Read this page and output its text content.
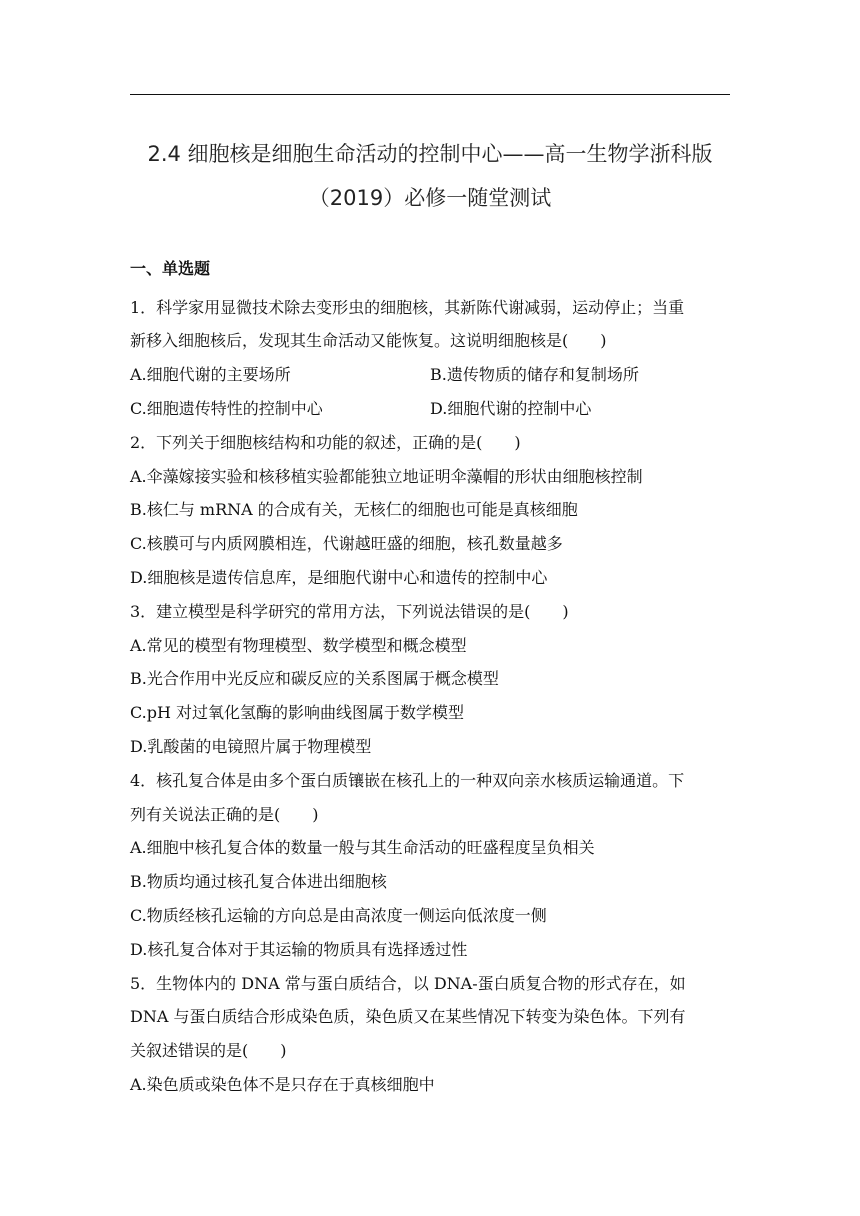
2.4 细胞核是细胞生命活动的控制中心——高一生物学浙科版
（2019）必修一随堂测试
一、单选题
1．科学家用显微技术除去变形虫的细胞核，其新陈代谢减弱，运动停止；当重
新移入细胞核后，发现其生命活动又能恢复。这说明细胞核是(　　)
A.细胞代谢的主要场所	B.遗传物质的储存和复制场所
C.细胞遗传特性的控制中心	D.细胞代谢的控制中心
2．下列关于细胞核结构和功能的叙述，正确的是(　　)
A.伞藻嫁接实验和核移植实验都能独立地证明伞藻帽的形状由细胞核控制
B.核仁与 mRNA 的合成有关，无核仁的细胞也可能是真核细胞
C.核膜可与内质网膜相连，代谢越旺盛的细胞，核孔数量越多
D.细胞核是遗传信息库，是细胞代谢中心和遗传的控制中心
3．建立模型是科学研究的常用方法，下列说法错误的是(　　)
A.常见的模型有物理模型、数学模型和概念模型
B.光合作用中光反应和碳反应的关系图属于概念模型
C.pH 对过氧化氢酶的影响曲线图属于数学模型
D.乳酸菌的电镜照片属于物理模型
4．核孔复合体是由多个蛋白质镶嵌在核孔上的一种双向亲水核质运输通道。下
列有关说法正确的是(　　)
A.细胞中核孔复合体的数量一般与其生命活动的旺盛程度呈负相关
B.物质均通过核孔复合体进出细胞核
C.物质经核孔运输的方向总是由高浓度一侧运向低浓度一侧
D.核孔复合体对于其运输的物质具有选择透过性
5．生物体内的 DNA 常与蛋白质结合，以 DNA-蛋白质复合物的形式存在，如
DNA 与蛋白质结合形成染色质，染色质又在某些情况下转变为染色体。下列有
关叙述错误的是(　　)
A.染色质或染色体不是只存在于真核细胞中
